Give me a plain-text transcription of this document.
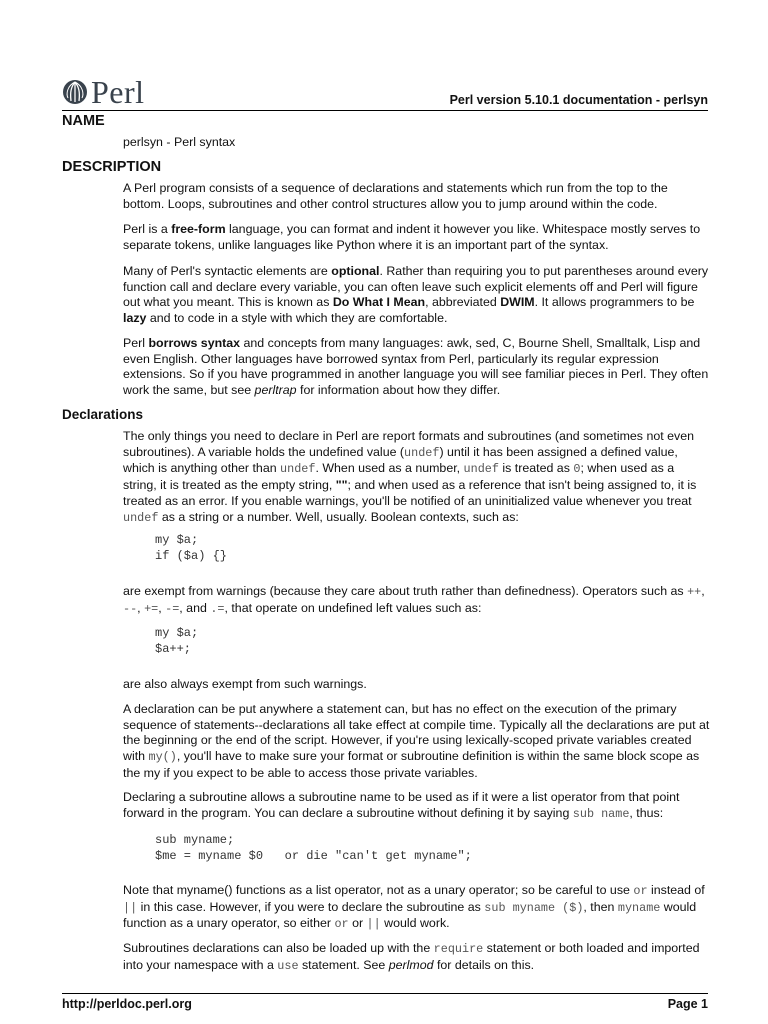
Perl	Perl version 5.10.1 documentation - perlsyn
NAME

perlsyn - Perl syntax

DESCRIPTION

A Perl program consists of a sequence of declarations and statements which run from the top to the bottom. Loops, subroutines and other control structures allow you to jump around within the code.

Perl is a free-form language, you can format and indent it however you like. Whitespace mostly serves to separate tokens, unlike languages like Python where it is an important part of the syntax.

Many of Perl's syntactic elements are optional. Rather than requiring you to put parentheses around every function call and declare every variable, you can often leave such explicit elements off and Perl will figure out what you meant. This is known as Do What I Mean, abbreviated DWIM. It allows programmers to be lazy and to code in a style with which they are comfortable.

Perl borrows syntax and concepts from many languages: awk, sed, C, Bourne Shell, Smalltalk, Lisp and even English. Other languages have borrowed syntax from Perl, particularly its regular expression extensions. So if you have programmed in another language you will see familiar pieces in Perl. They often work the same, but see perltrap for information about how they differ.

Declarations

The only things you need to declare in Perl are report formats and subroutines (and sometimes not even subroutines). A variable holds the undefined value (undef) until it has been assigned a defined value, which is anything other than undef. When used as a number, undef is treated as 0; when used as a string, it is treated as the empty string, ""; and when used as a reference that isn't being assigned to, it is treated as an error. If you enable warnings, you'll be notified of an uninitialized value whenever you treat undef as a string or a number. Well, usually. Boolean contexts, such as:

my $a;
if ($a) {}

are exempt from warnings (because they care about truth rather than definedness). Operators such as ++, --, +=, -=, and .=, that operate on undefined left values such as:

my $a;
$a++;

are also always exempt from such warnings.

A declaration can be put anywhere a statement can, but has no effect on the execution of the primary sequence of statements--declarations all take effect at compile time. Typically all the declarations are put at the beginning or the end of the script. However, if you're using lexically-scoped private variables created with my(), you'll have to make sure your format or subroutine definition is within the same block scope as the my if you expect to be able to access those private variables.

Declaring a subroutine allows a subroutine name to be used as if it were a list operator from that point forward in the program. You can declare a subroutine without defining it by saying sub name, thus:

sub myname;
$me = myname $0   or die "can't get myname";

Note that myname() functions as a list operator, not as a unary operator; so be careful to use or instead of || in this case. However, if you were to declare the subroutine as sub myname ($), then myname would function as a unary operator, so either or or || would work.

Subroutines declarations can also be loaded up with the require statement or both loaded and imported into your namespace with a use statement. See perlmod for details on this.

http://perldoc.perl.org	Page 1
